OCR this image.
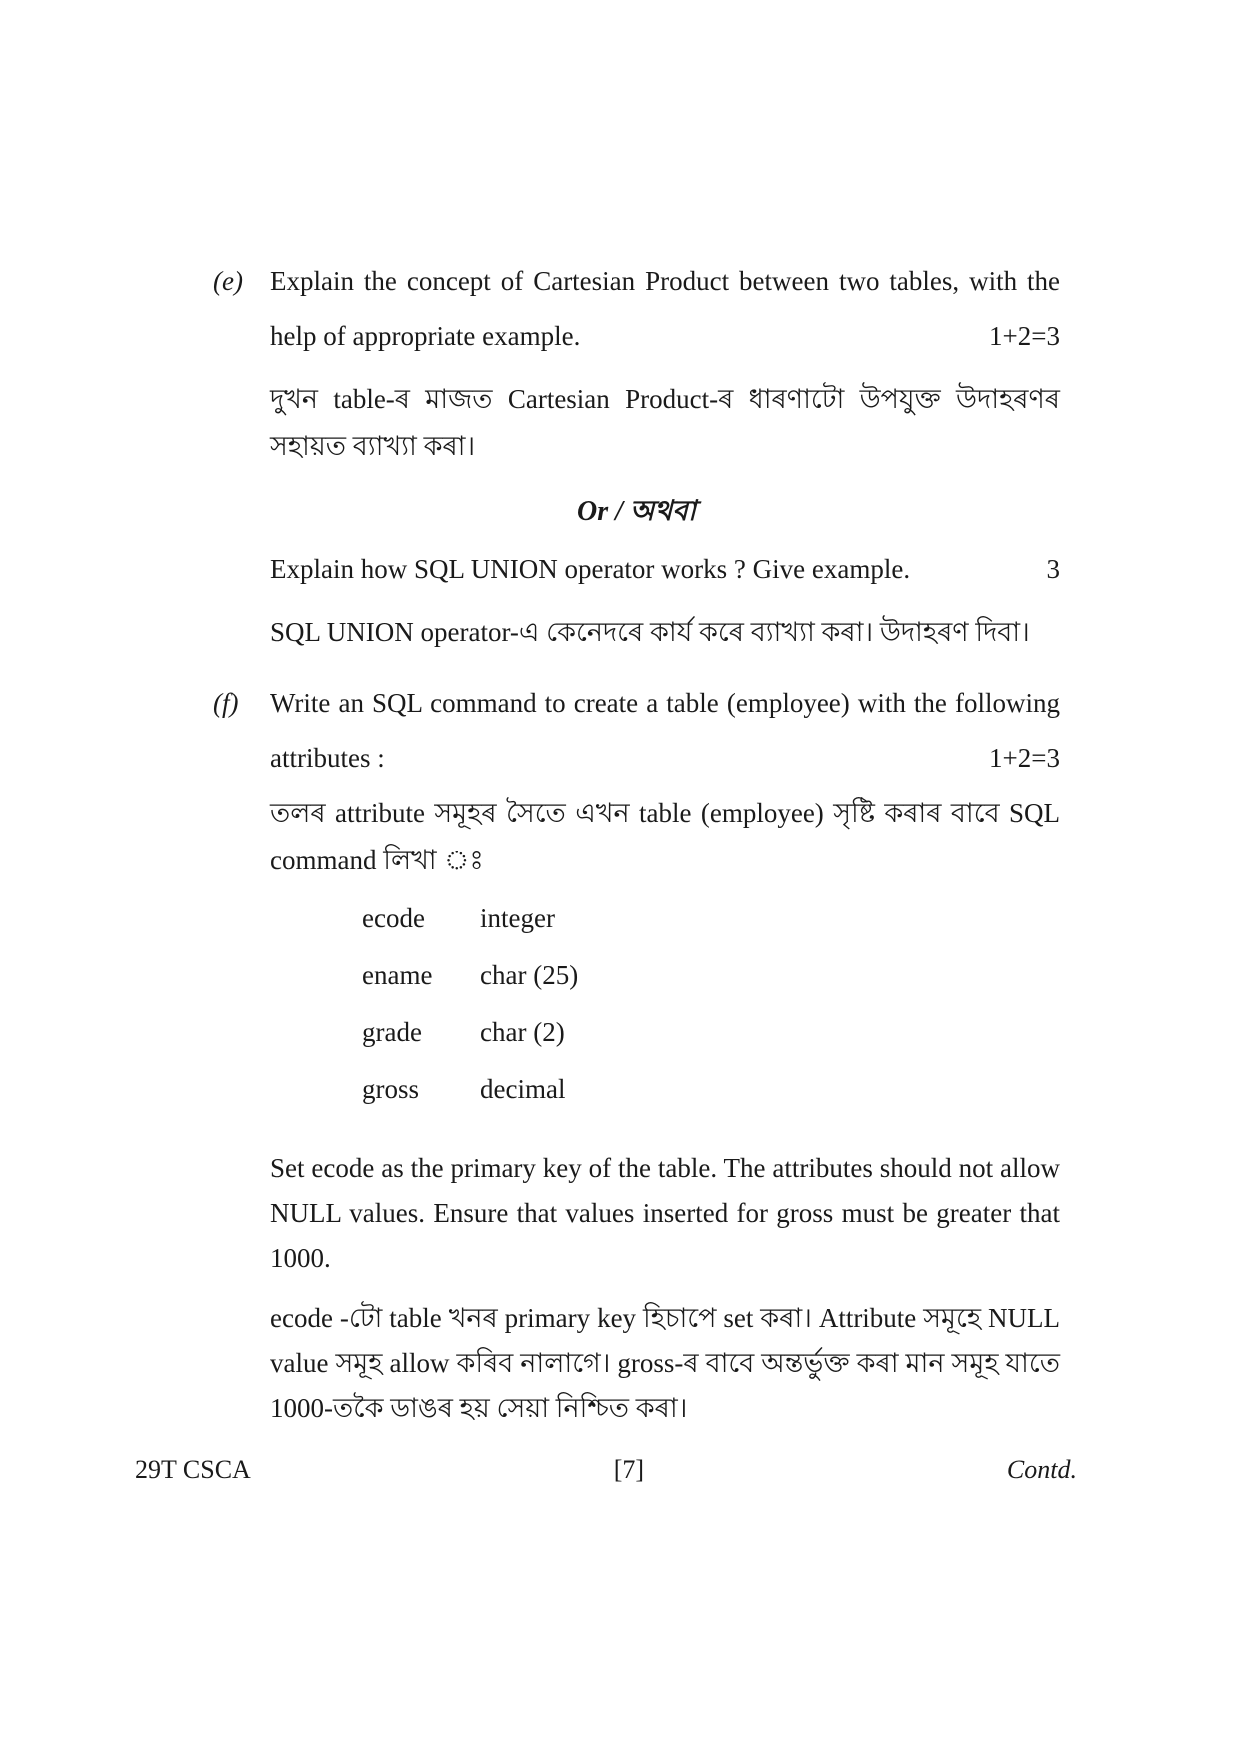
(e)	Explain the concept of Cartesian Product between two tables, with the help of appropriate example.	1+2=3

দুখন table-ৰ মাজত Cartesian Product-ৰ ধাৰণাটো উপযুক্ত উদাহৰণৰ সহায়ত ব্যাখ্যা কৰা।

Or / অথবা

Explain how SQL UNION operator works ? Give example.	3

SQL UNION operator-এ কেনেদৰে কাৰ্য কৰে ব্যাখ্যা কৰা। উদাহৰণ দিবা।

(f)	Write an SQL command to create a table (employee) with the following attributes :	1+2=3

তলৰ attribute সমূহৰ সৈতে এখন table (employee) সৃষ্টি কৰাৰ বাবে SQL command লিখা ঃ

ecode	integer
ename	char (25)
grade	char (2)
gross	decimal

Set ecode as the primary key of the table. The attributes should not allow NULL values. Ensure that values inserted for gross must be greater that 1000.

ecode -টো table খনৰ primary key হিচাপে set কৰা। Attribute সমূহে NULL value সমূহ allow কৰিব নালাগে। gross-ৰ বাবে অন্তৰ্ভুক্ত কৰা মান সমূহ যাতে 1000-তকৈ ডাঙৰ হয় সেয়া নিশ্চিত কৰা।

29T CSCA	[7]	Contd.
